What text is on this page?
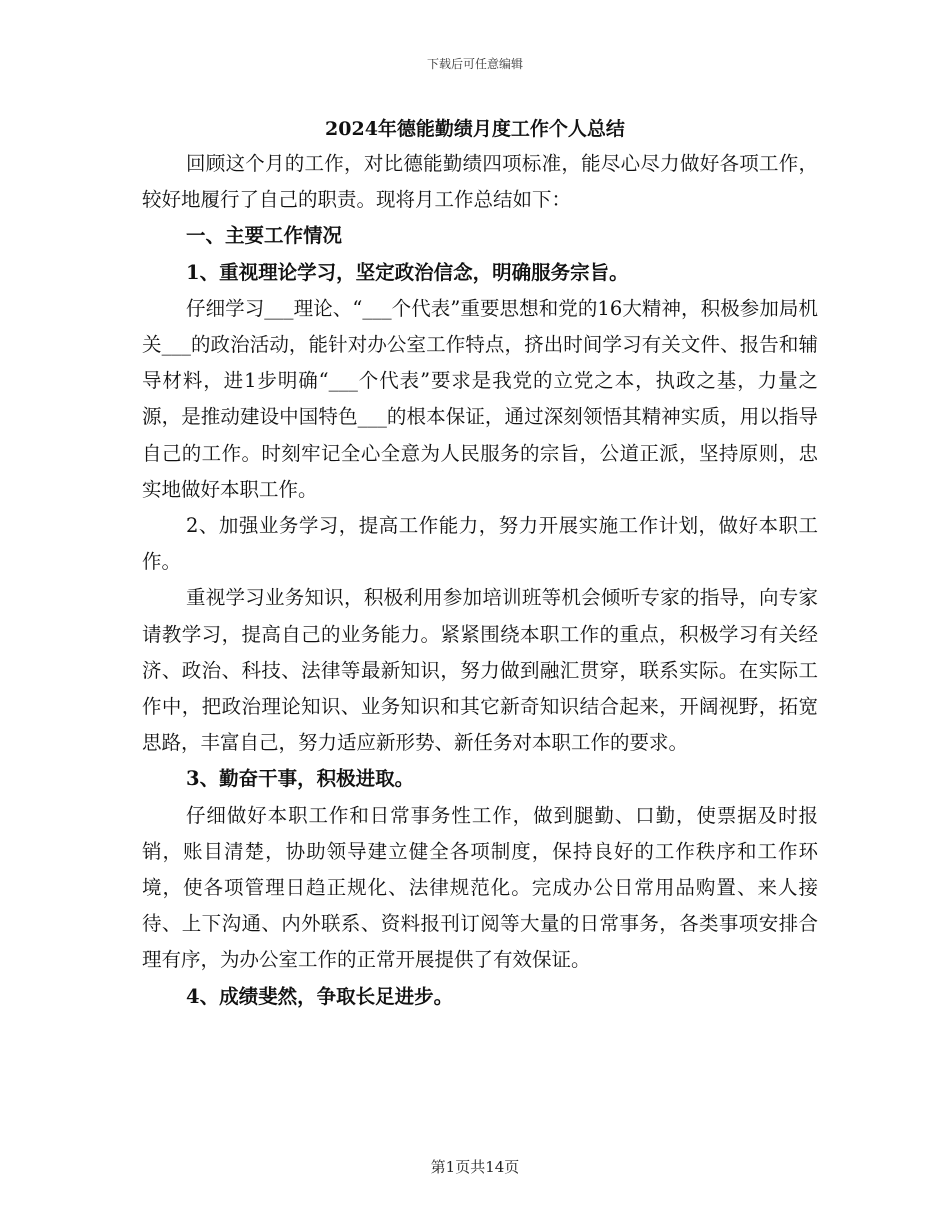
下载后可任意编辑
2024年德能勤绩月度工作个人总结

回顾这个月的工作，对比德能勤绩四项标准，能尽心尽力做好各项工作，较好地履行了自己的职责。现将月工作总结如下：

一、主要工作情况

1、重视理论学习，坚定政治信念，明确服务宗旨。

仔细学习___理论、“___个代表”重要思想和党的16大精神，积极参加局机关___的政治活动，能针对办公室工作特点，挤出时间学习有关文件、报告和辅导材料，进1步明确“___个代表”要求是我党的立党之本，执政之基，力量之源，是推动建设中国特色___的根本保证，通过深刻领悟其精神实质，用以指导自己的工作。时刻牢记全心全意为人民服务的宗旨，公道正派，坚持原则，忠实地做好本职工作。

2、加强业务学习，提高工作能力，努力开展实施工作计划，做好本职工作。

重视学习业务知识，积极利用参加培训班等机会倾听专家的指导，向专家请教学习，提高自己的业务能力。紧紧围绕本职工作的重点，积极学习有关经济、政治、科技、法律等最新知识，努力做到融汇贯穿，联系实际。在实际工作中，把政治理论知识、业务知识和其它新奇知识结合起来，开阔视野，拓宽思路，丰富自己，努力适应新形势、新任务对本职工作的要求。

3、勤奋干事，积极进取。

仔细做好本职工作和日常事务性工作，做到腿勤、口勤，使票据及时报销，账目清楚，协助领导建立健全各项制度，保持良好的工作秩序和工作环境，使各项管理日趋正规化、法律规范化。完成办公日常用品购置、来人接待、上下沟通、内外联系、资料报刊订阅等大量的日常事务，各类事项安排合理有序，为办公室工作的正常开展提供了有效保证。

4、成绩斐然，争取长足进步。

第1页共14页
